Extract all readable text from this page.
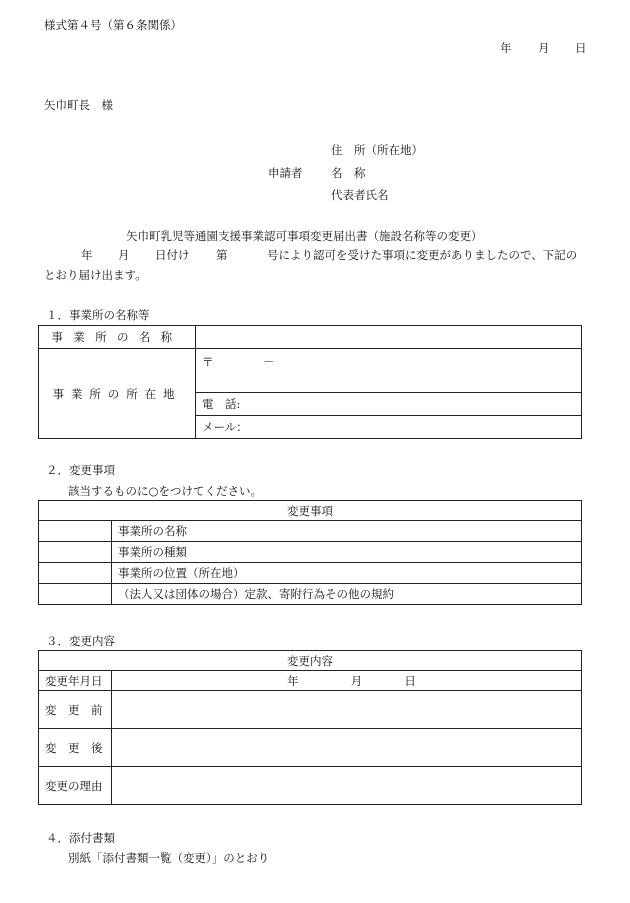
様式第４号（第６条関係）
年 月 日
矢巾町長　様
住　所（所在地）
申請者 名　称
代表者氏名
矢巾町乳児等通園支援事業認可事項変更届出書（施設名称等の変更）
年 月 日付け 第	号により認可を受けた事項に変更がありましたので、下記の
とおり届け出ます。
１．事業所の名称等
事業所の名称	
事業所の所在地	〒 －
	電　話:
	メール：
２．変更事項
該当するものに○をつけてください。
変更事項	
	事業所の名称
	事業所の種類
	事業所の位置（所在地）
	（法人又は団体の場合）定款、寄附行為その他の規約
３．変更内容
変更内容	
変更年月日	年 月 日
変　更　前	
変　更　後	
変更の理由	
４．添付書類
別紙「添付書類一覧（変更）」のとおり
